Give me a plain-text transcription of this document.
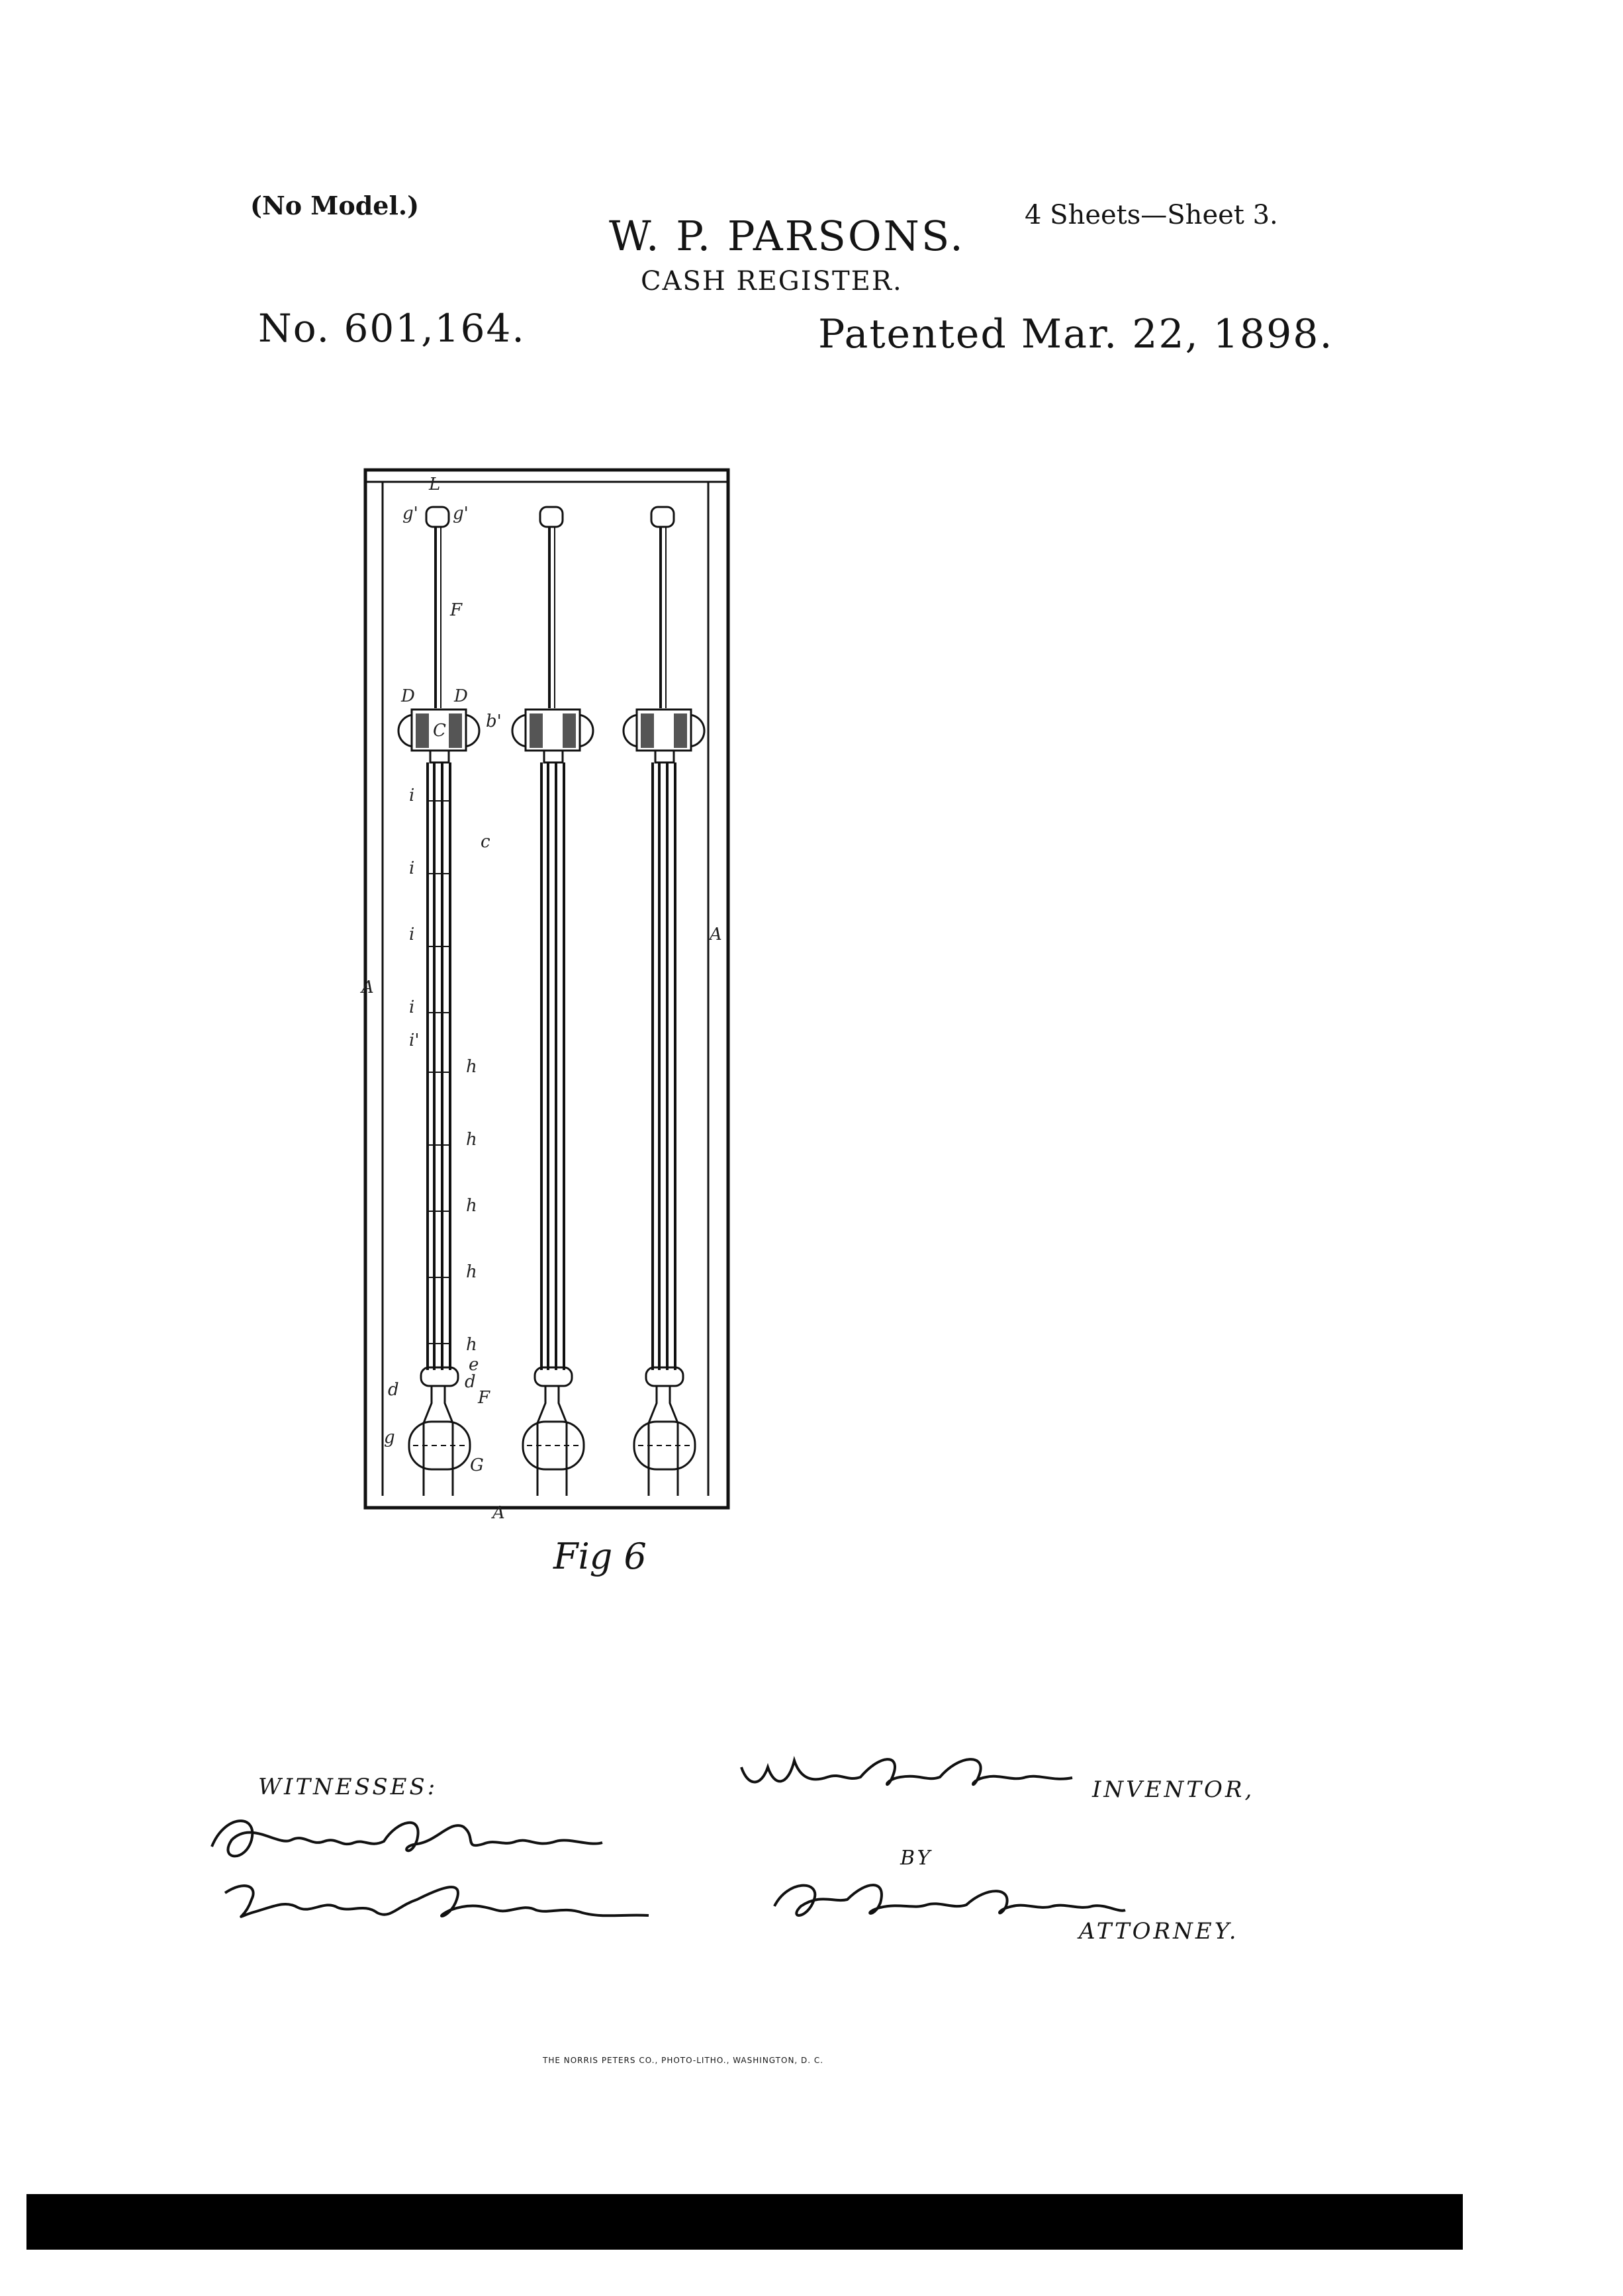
(No Model.)
W. P. PARSONS. 4 Sheets—Sheet 3.
CASH REGISTER.
No. 601,164.	Patented Mar. 22, 1898.
L
g' g'
F
D D
C b'
c
i
i
i
i
i'
A
A
h
h
h
h
h
e
d	d
F
g
G
A
Fig 6
WITNESSES:	INVENTOR,
BY
ATTORNEY.
THE NORRIS PETERS CO., PHOTO-LITHO., WASHINGTON, D. C.
